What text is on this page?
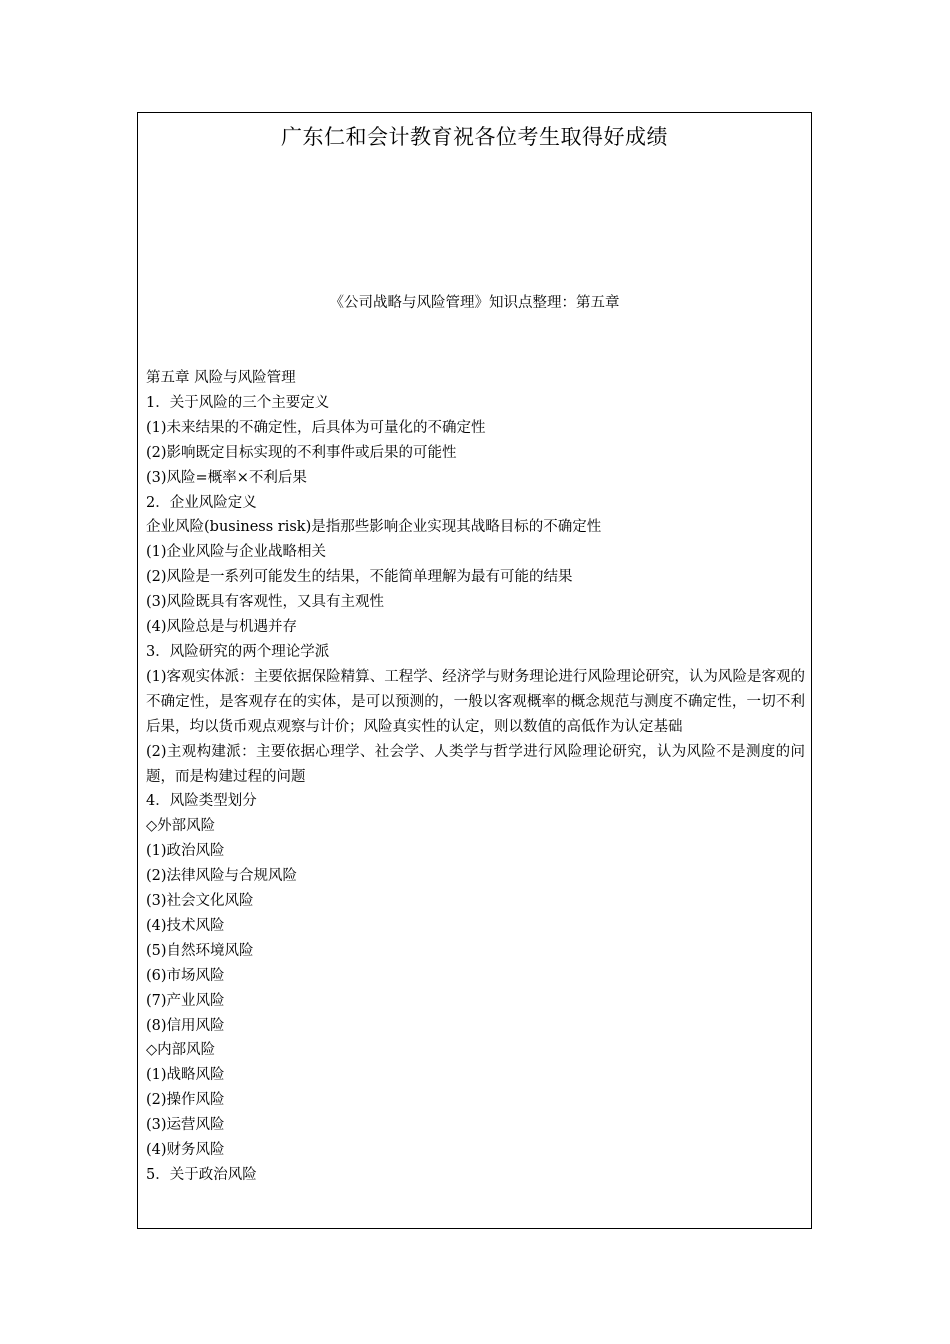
广东仁和会计教育祝各位考生取得好成绩
《公司战略与风险管理》知识点整理：第五章

第五章 风险与风险管理

1．关于风险的三个主要定义

(1)未来结果的不确定性，后具体为可量化的不确定性

(2)影响既定目标实现的不利事件或后果的可能性

(3)风险=概率×不利后果

2．企业风险定义

企业风险(business risk)是指那些影响企业实现其战略目标的不确定性

(1)企业风险与企业战略相关

(2)风险是一系列可能发生的结果，不能简单理解为最有可能的结果

(3)风险既具有客观性，又具有主观性

(4)风险总是与机遇并存

3．风险研究的两个理论学派

(1)客观实体派：主要依据保险精算、工程学、经济学与财务理论进行风险理论研究，认为风险是客观的不确定性，是客观存在的实体，是可以预测的，一般以客观概率的概念规范与测度不确定性，一切不利后果，均以货币观点观察与计价；风险真实性的认定，则以数值的高低作为认定基础

(2)主观构建派：主要依据心理学、社会学、人类学与哲学进行风险理论研究，认为风险不是测度的问题，而是构建过程的问题

4．风险类型划分

◇外部风险

(1)政治风险

(2)法律风险与合规风险

(3)社会文化风险

(4)技术风险

(5)自然环境风险

(6)市场风险

(7)产业风险

(8)信用风险

◇内部风险

(1)战略风险

(2)操作风险

(3)运营风险

(4)财务风险

5．关于政治风险
